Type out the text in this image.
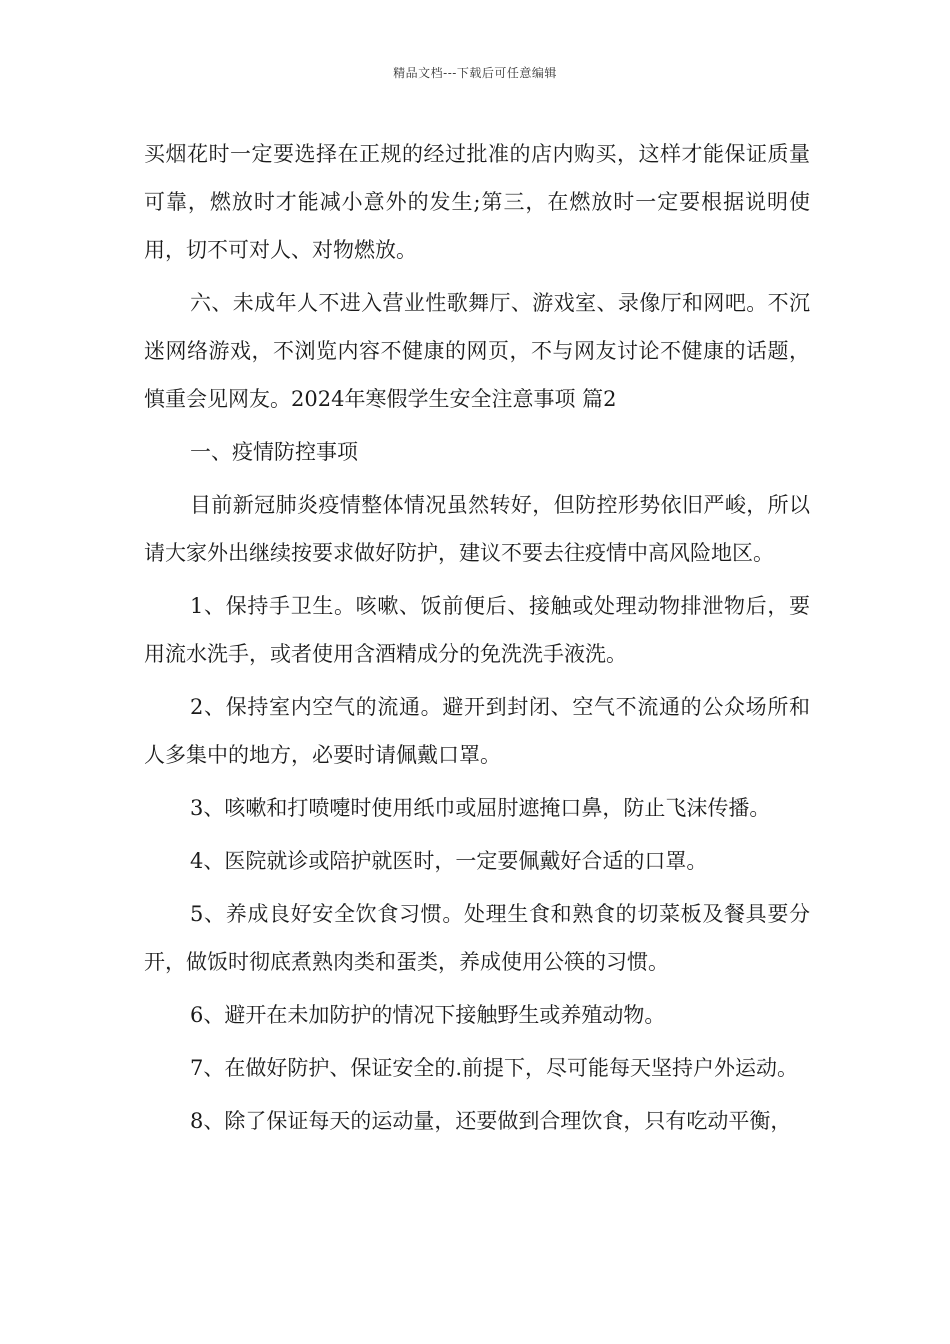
精品文档---下载后可任意编辑

买烟花时一定要选择在正规的经过批准的店内购买，这样才能保证质量可靠，燃放时才能减小意外的发生;第三，在燃放时一定要根据说明使用，切不可对人、对物燃放。

六、未成年人不进入营业性歌舞厅、游戏室、录像厅和网吧。不沉迷网络游戏，不浏览内容不健康的网页，不与网友讨论不健康的话题，慎重会见网友。2024年寒假学生安全注意事项 篇2

一、疫情防控事项

目前新冠肺炎疫情整体情况虽然转好，但防控形势依旧严峻，所以请大家外出继续按要求做好防护，建议不要去往疫情中高风险地区。

1、保持手卫生。咳嗽、饭前便后、接触或处理动物排泄物后，要用流水洗手，或者使用含酒精成分的免洗洗手液洗。

2、保持室内空气的流通。避开到封闭、空气不流通的公众场所和人多集中的地方，必要时请佩戴口罩。

3、咳嗽和打喷嚏时使用纸巾或屈肘遮掩口鼻，防止飞沫传播。

4、医院就诊或陪护就医时，一定要佩戴好合适的口罩。

5、养成良好安全饮食习惯。处理生食和熟食的切菜板及餐具要分开，做饭时彻底煮熟肉类和蛋类，养成使用公筷的习惯。

6、避开在未加防护的情况下接触野生或养殖动物。

7、在做好防护、保证安全的.前提下，尽可能每天坚持户外运动。

8、除了保证每天的运动量，还要做到合理饮食，只有吃动平衡，
